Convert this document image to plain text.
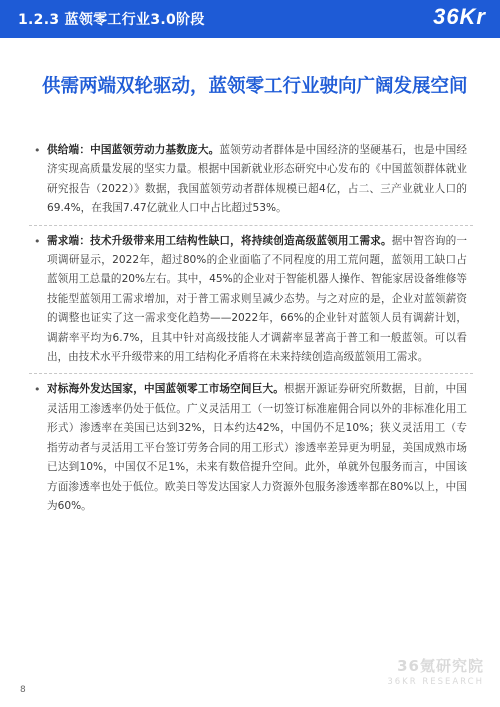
1.2.3 蓝领零工行业3.0阶段	36Kr
供需两端双轮驱动，蓝领零工行业驶向广阔发展空间
• 供给端：中国蓝领劳动力基数庞大。蓝领劳动者群体是中国经济的坚硬基石，也是中国经济实现高质量发展的坚实力量。根据中国新就业形态研究中心发布的《中国蓝领群体就业研究报告（2022）》数据，我国蓝领劳动者群体规模已超4亿，占二、三产业就业人口的69.4%，在我国7.47亿就业人口中占比超过53%。

• 需求端：技术升级带来用工结构性缺口，将持续创造高级蓝领用工需求。据中智咨询的一项调研显示，2022年，超过80%的企业面临了不同程度的用工荒问题，蓝领用工缺口占蓝领用工总量的20%左右。其中，45%的企业对于智能机器人操作、智能家居设备维修等技能型蓝领用工需求增加，对于普工需求则呈减少态势。与之对应的是，企业对蓝领薪资的调整也证实了这一需求变化趋势——2022年，66%的企业针对蓝领人员有调薪计划，调薪率平均为6.7%，且其中针对高级技能人才调薪率显著高于普工和一般蓝领。可以看出，由技术水平升级带来的用工结构化矛盾将在未来持续创造高级蓝领用工需求。

• 对标海外发达国家，中国蓝领零工市场空间巨大。根据开源证券研究所数据，目前，中国灵活用工渗透率仍处于低位。广义灵活用工（一切签订标准雇佣合同以外的非标准化用工形式）渗透率在美国已达到32%，日本约达42%，中国仍不足10%；狭义灵活用工（专指劳动者与灵活用工平台签订劳务合同的用工形式）渗透率差异更为明显，美国成熟市场已达到10%，中国仅不足1%，未来有数倍提升空间。此外，单就外包服务而言，中国该方面渗透率也处于低位。欧美日等发达国家人力资源外包服务渗透率都在80%以上，中国为60%。

36氪研究院
36KR RESEARCH
8
